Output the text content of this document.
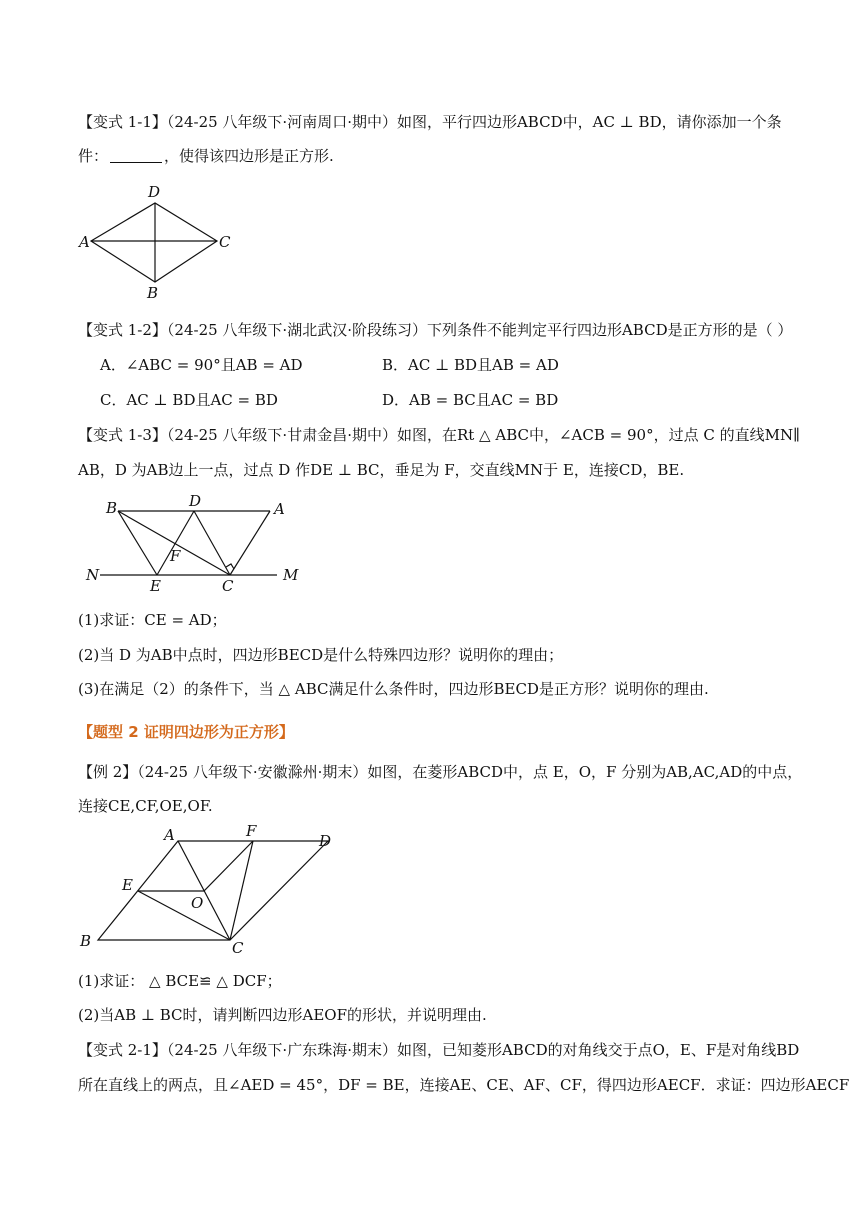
【变式 1-1】（24-25 八年级下·河南周口·期中）如图，平行四边形ABCD中，AC ⊥ BD，请你添加一个条
件：	，使得该四边形是正方形.
D
A	C
B
【变式 1-2】（24-25 八年级下·湖北武汉·阶段练习）下列条件不能判定平行四边形ABCD是正方形的是（ ）
A．∠ABC = 90°且AB = AD	B．AC ⊥ BD且AB = AD
C．AC ⊥ BD且AC = BD	D．AB = BC且AC = BD
【变式 1-3】（24-25 八年级下·甘肃金昌·期中）如图，在Rt △ ABC中，∠ACB = 90°，过点 C 的直线MN∥
AB，D 为AB边上一点，过点 D 作DE ⊥ BC，垂足为 F，交直线MN于 E，连接CD，BE.
B	D	A
F
N
E	C
M
(1)求证：CE = AD；
(2)当 D 为AB中点时，四边形BECD是什么特殊四边形？说明你的理由；
(3)在满足（2）的条件下，当 △ ABC满足什么条件时，四边形BECD是正方形？说明你的理由.
【题型 2 证明四边形为正方形】
【例 2】（24-25 八年级下·安徽滁州·期末）如图，在菱形ABCD中，点 E，O，F 分别为AB,AC,AD的中点，
连接CE,CF,OE,OF.
A	F
D
E
O
B	C
(1)求证： △ BCE≌ △ DCF；
(2)当AB ⊥ BC时，请判断四边形AEOF的形状，并说明理由.
【变式 2-1】（24-25 八年级下·广东珠海·期末）如图，已知菱形ABCD的对角线交于点O，E、F是对角线BD
所在直线上的两点，且∠AED = 45°，DF = BE，连接AE、CE、AF、CF，得四边形AECF．求证：四边形AECF
